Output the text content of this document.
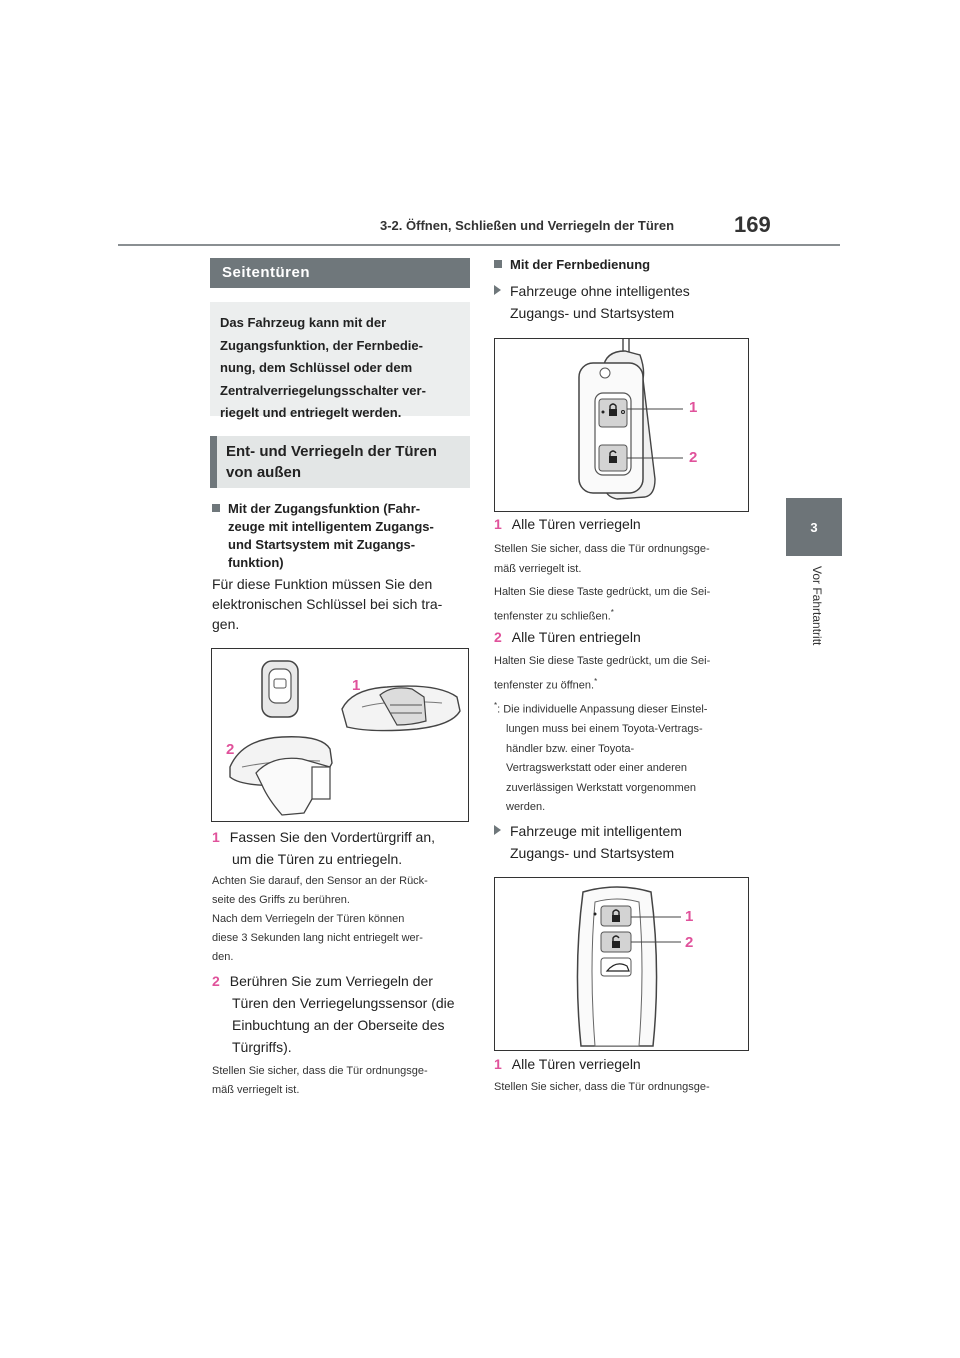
3-2. Öffnen, Schließen und Verriegeln der Türen	169
3
Vor Fahrtantritt
Seitentüren
Das Fahrzeug kann mit der
Zugangsfunktion, der Fernbedie-
nung, dem Schlüssel oder dem
Zentralverriegelungsschalter ver-
riegelt und entriegelt werden.
Ent- und Verriegeln der Türen
von außen
Mit der Zugangsfunktion (Fahr-
zeuge mit intelligentem Zugangs-
und Startsystem mit Zugangs-
funktion)
Für diese Funktion müssen Sie den
elektronischen Schlüssel bei sich tra-
gen.
1
2
1 Fassen Sie den Vordertürgriff an,
um die Türen zu entriegeln.
Achten Sie darauf, den Sensor an der Rück-
seite des Griffs zu berühren.
Nach dem Verriegeln der Türen können
diese 3 Sekunden lang nicht entriegelt wer-
den.
2 Berühren Sie zum Verriegeln der
Türen den Verriegelungssensor (die
Einbuchtung an der Oberseite des
Türgriffs).
Stellen Sie sicher, dass die Tür ordnungsge-
mäß verriegelt ist.
Mit der Fernbedienung
Fahrzeuge ohne intelligentes
Zugangs- und Startsystem
1
2
1 Alle Türen verriegeln
Stellen Sie sicher, dass die Tür ordnungsge-
mäß verriegelt ist.
Halten Sie diese Taste gedrückt, um die Sei-
tenfenster zu schließen.*
2 Alle Türen entriegeln
Halten Sie diese Taste gedrückt, um die Sei-
tenfenster zu öffnen.*
*: Die individuelle Anpassung dieser Einstel-
lungen muss bei einem Toyota-Vertrags-
händler bzw. einer Toyota-
Vertragswerkstatt oder einer anderen
zuverlässigen Werkstatt vorgenommen
werden.
Fahrzeuge mit intelligentem
Zugangs- und Startsystem
1
2
1 Alle Türen verriegeln
Stellen Sie sicher, dass die Tür ordnungsge-
